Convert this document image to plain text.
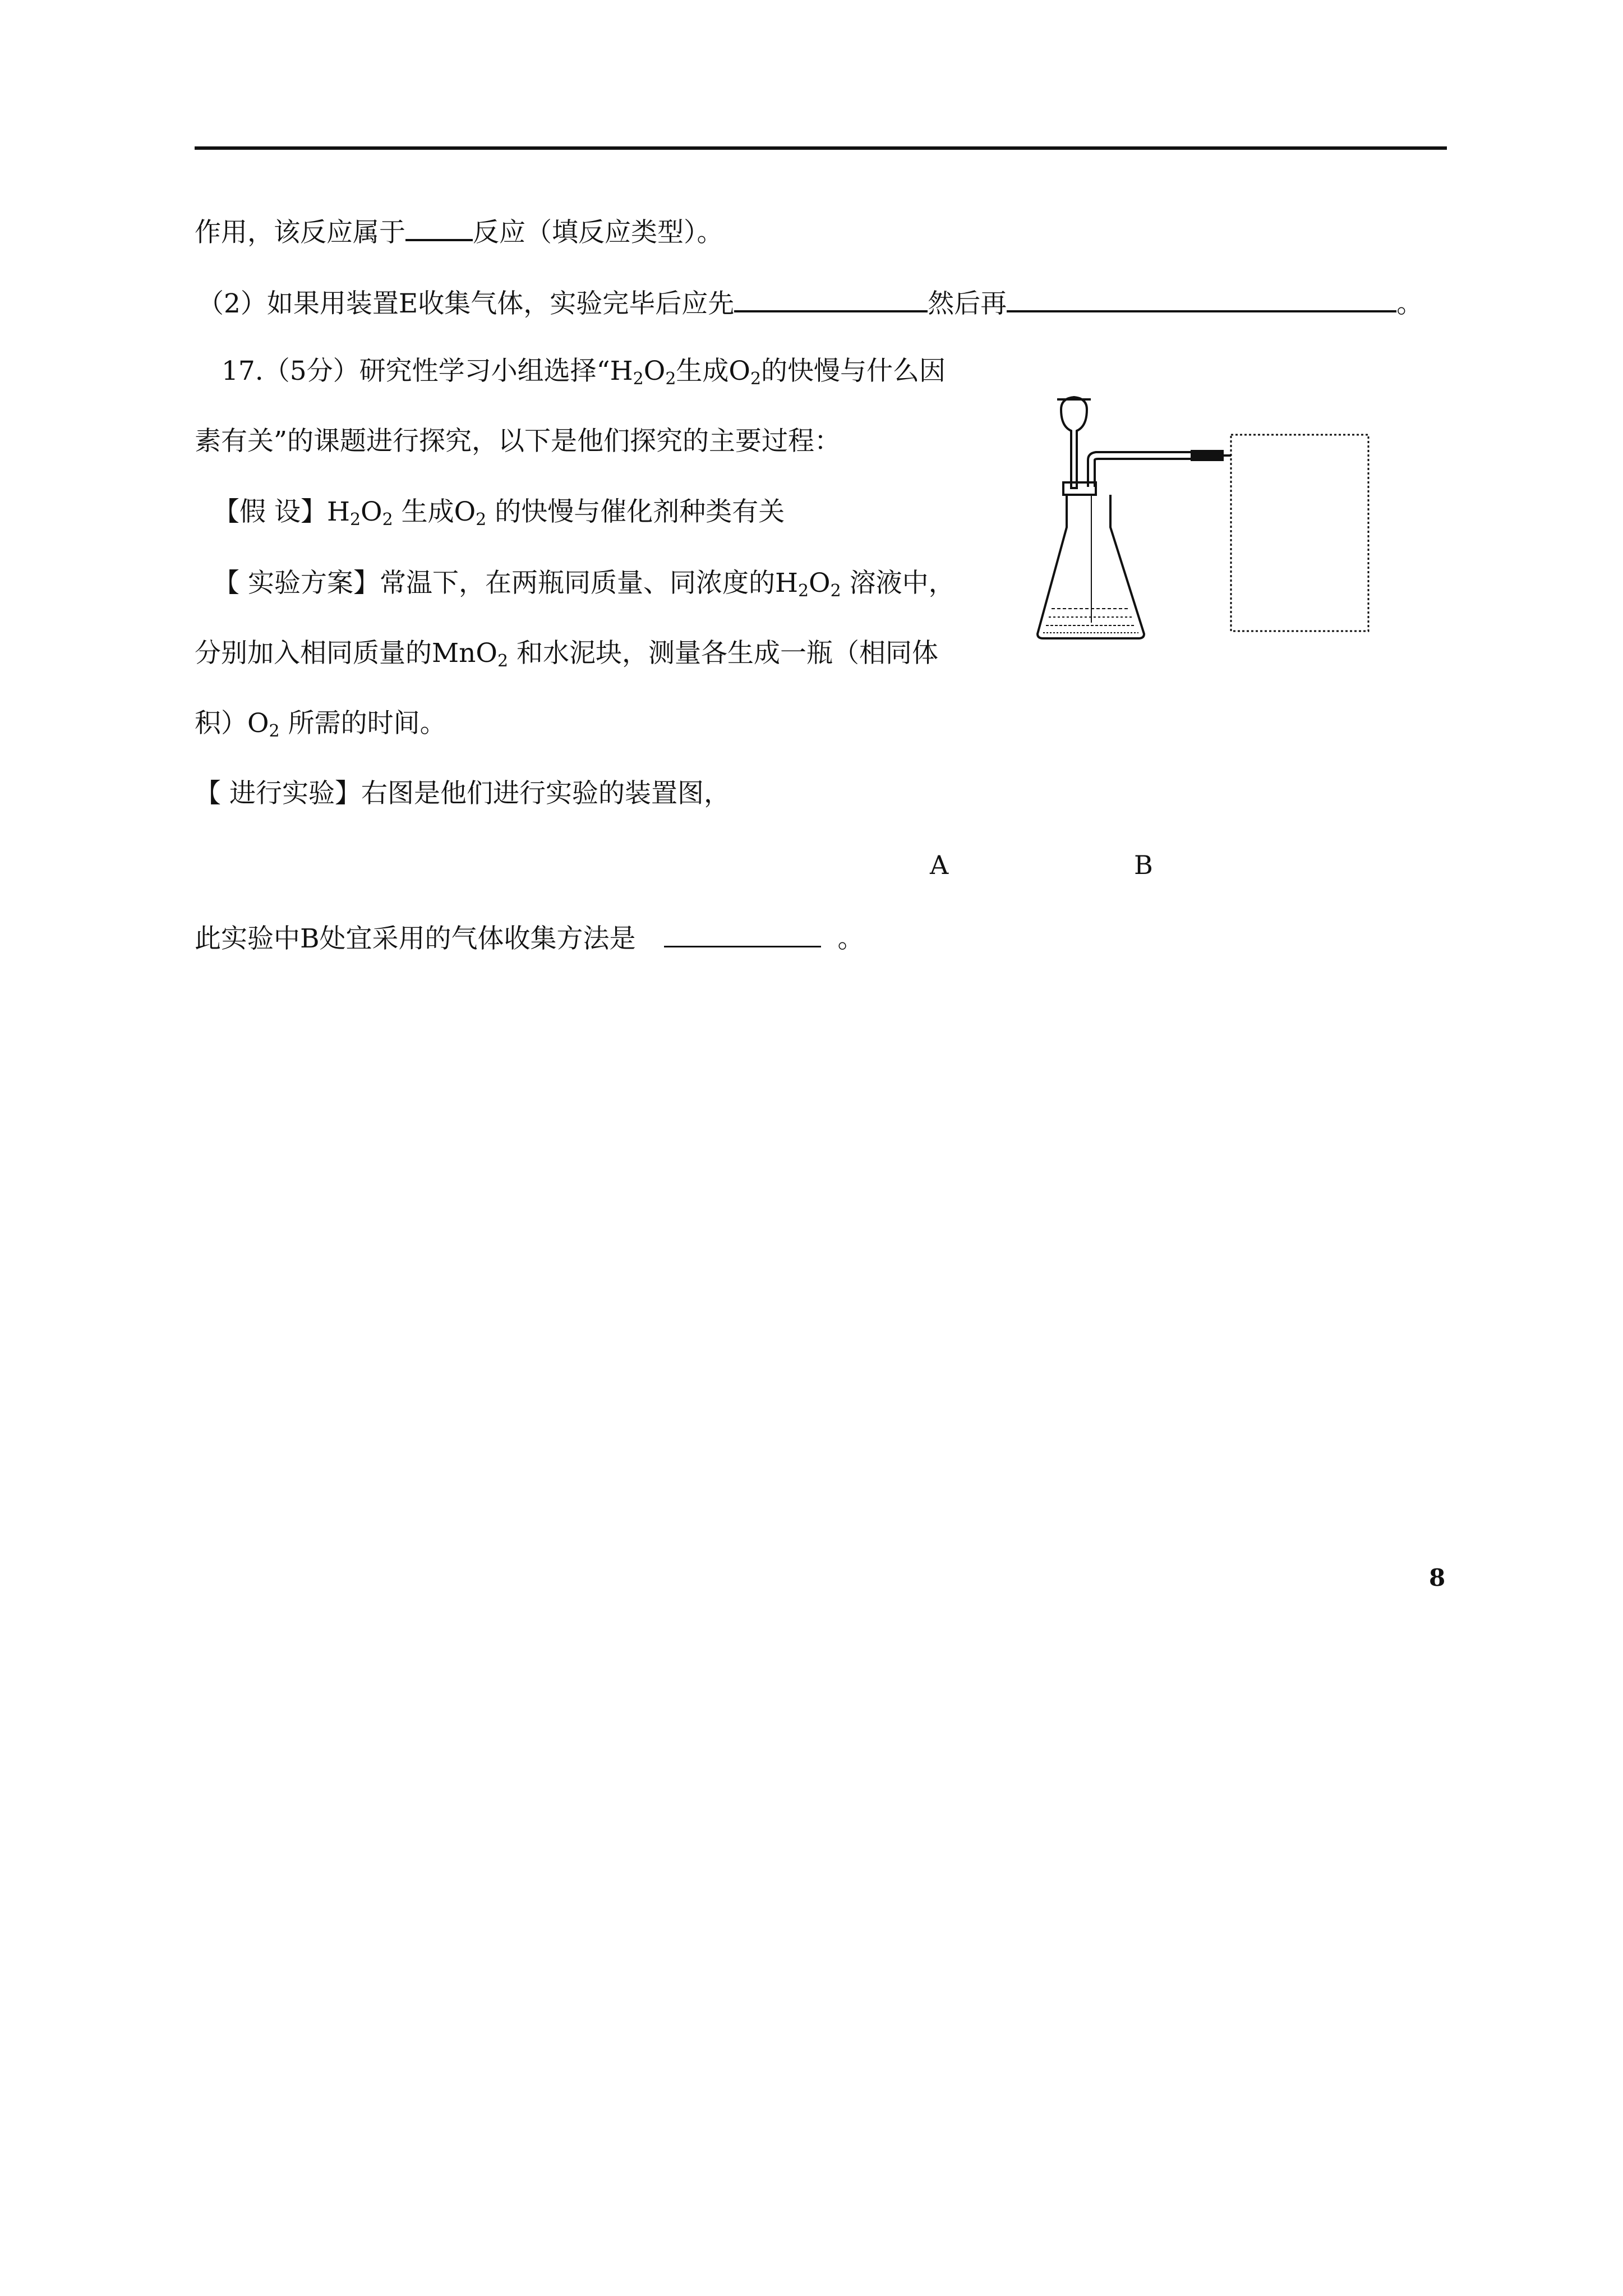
作用，该反应属于	反应（填反应类型）。
（2）如果用装置E收集气体，实验完毕后应先	然后再	。
17.（5分）研究性学习小组选择“$H_2O_2$生成$O_2$的快慢与什么因
素有关”的课题进行探究，以下是他们探究的主要过程：
【假 设】$H_2O_2$ 生成$O_2$ 的快慢与催化剂种类有关
【 实验方案】常温下，在两瓶同质量、同浓度的$H_2O_2$ 溶液中，
分别加入相同质量的MnO$_2$ 和水泥块，测量各生成一瓶（相同体
积）$O_2$ 所需的时间。
【 进行实验】右图是他们进行实验的装置图，
A	B
此实验中B处宜采用的气体收集方法是	。
8
